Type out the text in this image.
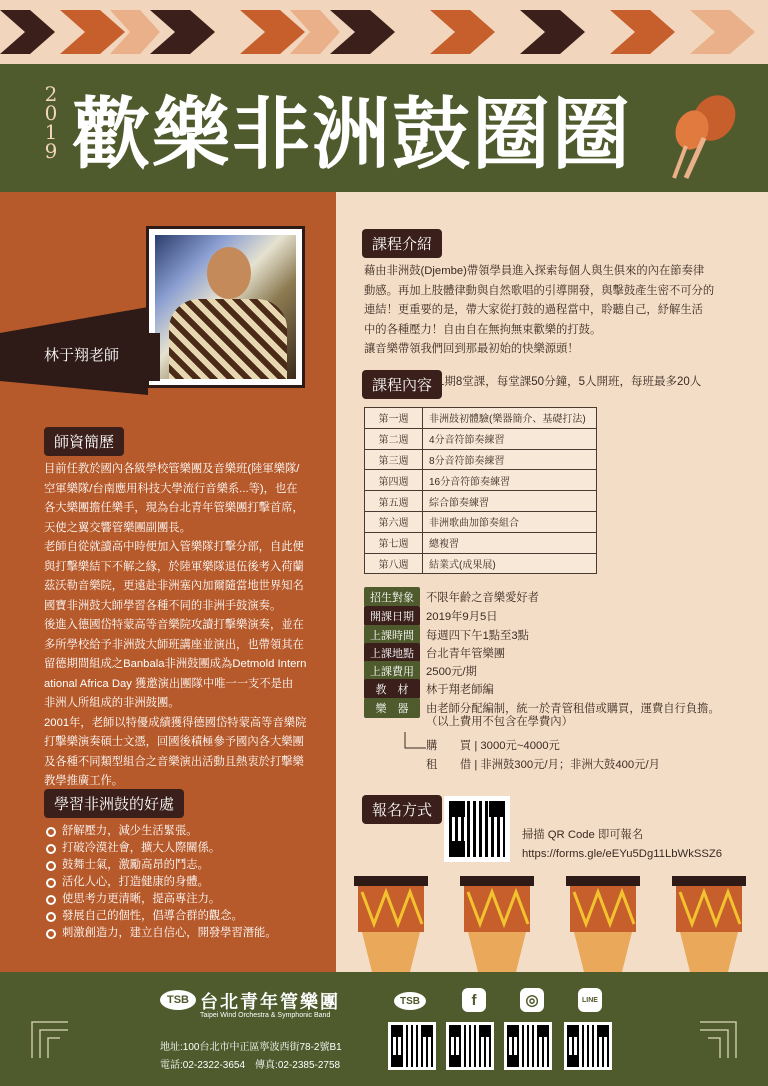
2
0
1
9 歡樂非洲鼓圈圈
林于翔老師
師資簡歷
目前任教於國內各級學校管樂團及音樂班(陸軍樂隊/
空軍樂隊/台南應用科技大學流行音樂系...等)，也在
各大樂團擔任樂手，現為台北青年管樂團打擊首席，
天使之翼交響管樂團副團長。
老師自從就讀高中時便加入管樂隊打擊分部，自此便
與打擊樂結下不解之緣，於陸軍樂隊退伍後考入荷蘭
茲沃勒音樂院，更遠赴非洲塞內加爾隨當地世界知名
國寶非洲鼓大師學習各種不同的非洲手鼓演奏。
後進入德國岱特蒙高等音樂院攻讀打擊樂演奏，並在
多所學校給予非洲鼓大師班講座並演出，也帶領其在
留德期間組成之Banbala非洲鼓團成為Detmold Intern
ational Africa Day 獲邀演出團隊中唯一一支不是由
非洲人所組成的非洲鼓團。
2001年，老師以特優成績獲得德國岱特蒙高等音樂院
打擊樂演奏碩士文憑，回國後積極參予國內各大樂團
及各種不同類型組合之音樂演出活動且熱衷於打擊樂
教學推廣工作。
學習非洲鼓的好處
舒解壓力，減少生活緊張。
打破冷漠社會，擴大人際關係。
鼓舞士氣，激勵高昂的鬥志。
活化人心，打造健康的身體。
使思考力更清晰，提高專注力。
發展自己的個性，倡導合群的觀念。
刺激創造力，建立自信心，開發學習潛能。
課程介紹
藉由非洲鼓(Djembe)帶領學員進入探索每個人與生俱來的內在節奏律
動感。再加上肢體律動與自然歌唱的引導開發，與擊鼓產生密不可分的
連結！更重要的是，帶大家從打鼓的過程當中，聆聽自己，紓解生活
中的各種壓力！自由自在無拘無束歡樂的打鼓。
讓音樂帶領我們回到那最初始的快樂源頭！
課程內容 1期8堂課，每堂課50分鐘，5人開班，每班最多20人
第一週	非洲鼓初體驗(樂器簡介、基礎打法)
第二週	4分音符節奏練習
第三週	8分音符節奏練習
第四週	16分音符節奏練習
第五週	綜合節奏練習
第六週	非洲歌曲加節奏組合
第七週	總複習
第八週	結業式(成果展)
招生對象	不限年齡之音樂愛好者
開課日期	2019年9月5日
上課時間	每週四下午1點至3點
上課地點	台北青年管樂團
上課費用	2500元/期
教　材	林于翔老師編
樂　器	由老師分配編制，統一於青管租借或購買，運費自行負擔。
（以上費用不包含在學費內）
購　　買 | 3000元~4000元
租　　借 | 非洲鼓300元/月；非洲大鼓400元/月
報名方式
掃描 QR Code 即可報名
https://forms.gle/eEYu5Dg11LbWkSSZ6
TSB 台北青年管樂團
Taipei Wind Orchestra & Symphonic Band
地址:100台北市中正區寧波西街78-2號B1
電話:02-2322-3654　傳真:02-2385-2758
TSB	f	◎	LINE
